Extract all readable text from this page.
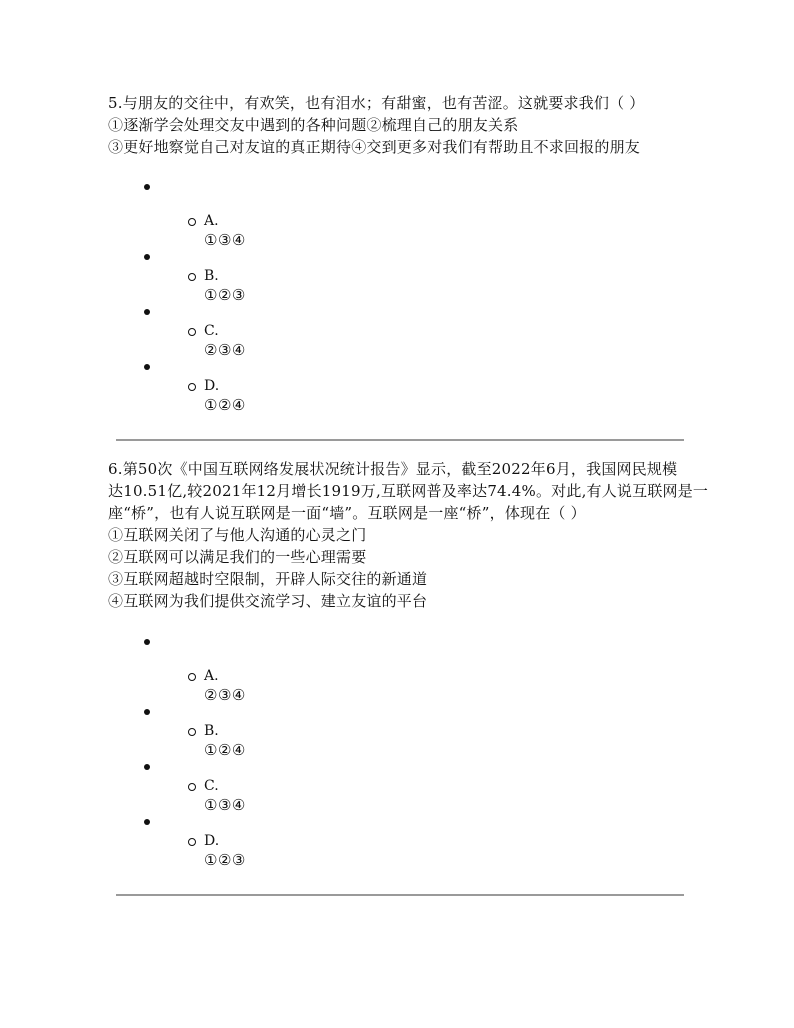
5.与朋友的交往中，有欢笑，也有泪水；有甜蜜，也有苦涩。这就要求我们（ ）
①逐渐学会处理交友中遇到的各种问题②梳理自己的朋友关系
③更好地察觉自己对友谊的真正期待④交到更多对我们有帮助且不求回报的朋友
A.
①③④
B.
①②③
C.
②③④
D.
①②④
6.第50次《中国互联网络发展状况统计报告》显示，截至2022年6月，我国网民规模
达10.51亿,较2021年12月增长1919万,互联网普及率达74.4%。对此,有人说互联网是一
座“桥”，也有人说互联网是一面“墙”。互联网是一座“桥”，体现在（ ）
①互联网关闭了与他人沟通的心灵之门
②互联网可以满足我们的一些心理需要
③互联网超越时空限制，开辟人际交往的新通道
④互联网为我们提供交流学习、建立友谊的平台
A.
②③④
B.
①②④
C.
①③④
D.
①②③
